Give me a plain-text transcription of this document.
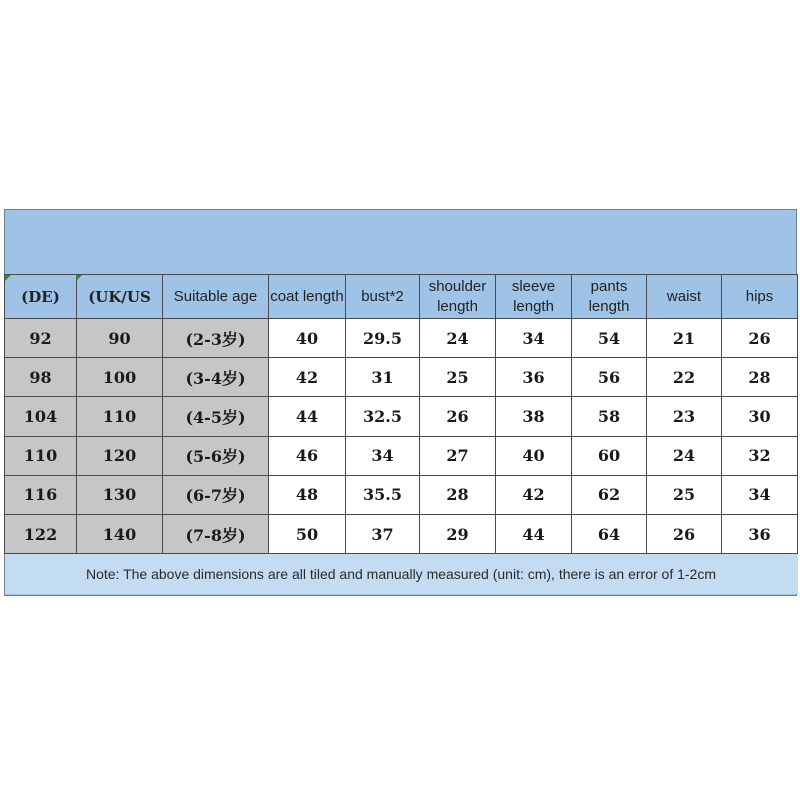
(DE)	(UK/US	Suitable age	coat length	bust*2	shoulder length	sleeve length	pants length	waist	hips
92	90	(2-3岁)	40	29.5	24	34	54	21	26
98	100	(3-4岁)	42	31	25	36	56	22	28
104	110	(4-5岁)	44	32.5	26	38	58	23	30
110	120	(5-6岁)	46	34	27	40	60	24	32
116	130	(6-7岁)	48	35.5	28	42	62	25	34
122	140	(7-8岁)	50	37	29	44	64	26	36
Note: The above dimensions are all tiled and manually measured (unit: cm), there is an error of 1-2cm									
